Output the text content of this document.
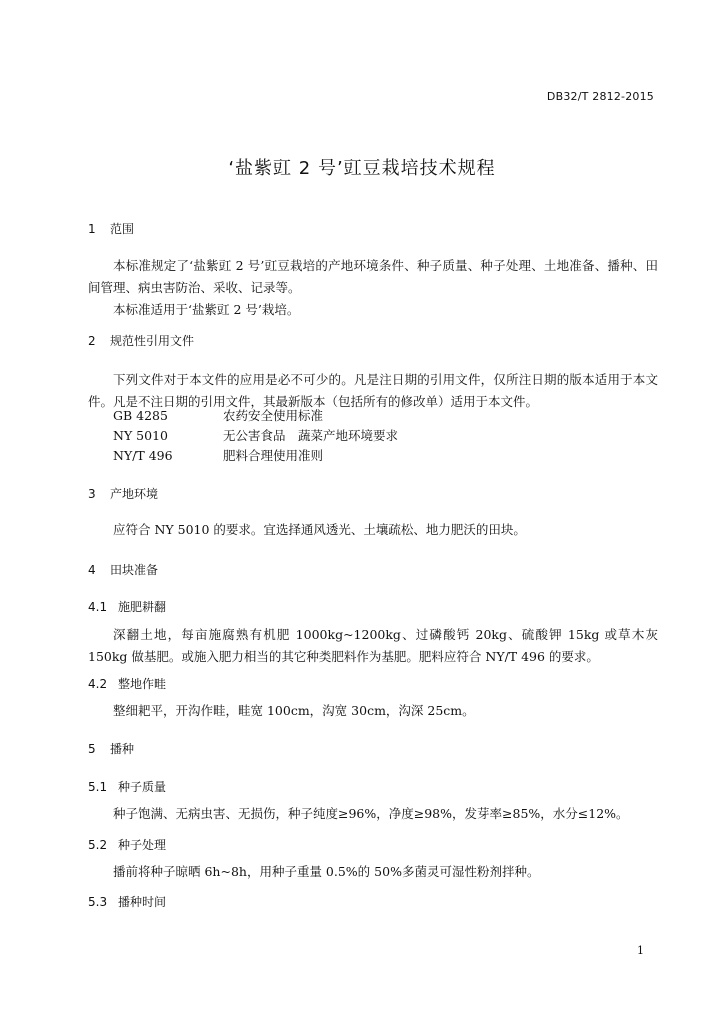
DB32/T 2812-2015
‘盐紫豇 2 号’豇豆栽培技术规程
1 范围

本标准规定了‘盐紫豇 2 号’豇豆栽培的产地环境条件、种子质量、种子处理、土地准备、播种、田间管理、病虫害防治、采收、记录等。

本标准适用于‘盐紫豇 2 号’栽培。

2 规范性引用文件

下列文件对于本文件的应用是必不可少的。凡是注日期的引用文件，仅所注日期的版本适用于本文件。凡是不注日期的引用文件，其最新版本（包括所有的修改单）适用于本文件。

GB 4285	农药安全使用标准
NY 5010	无公害食品　蔬菜产地环境要求
NY/T 496	肥料合理使用准则
3 产地环境

应符合 NY 5010 的要求。宜选择通风透光、土壤疏松、地力肥沃的田块。

4 田块准备
4.1 施肥耕翻

深翻土地，每亩施腐熟有机肥 1000kg~1200kg、过磷酸钙 20kg、硫酸钾 15kg 或草木灰 150kg 做基肥。或施入肥力相当的其它种类肥料作为基肥。肥料应符合 NY/T 496 的要求。

4.2 整地作畦

整细耙平，开沟作畦，畦宽 100cm，沟宽 30cm，沟深 25cm。

5 播种
5.1 种子质量

种子饱满、无病虫害、无损伤，种子纯度≥96%，净度≥98%，发芽率≥85%，水分≤12%。

5.2 种子处理

播前将种子晾晒 6h~8h，用种子重量 0.5%的 50%多菌灵可湿性粉剂拌种。

5.3 播种时间
1
